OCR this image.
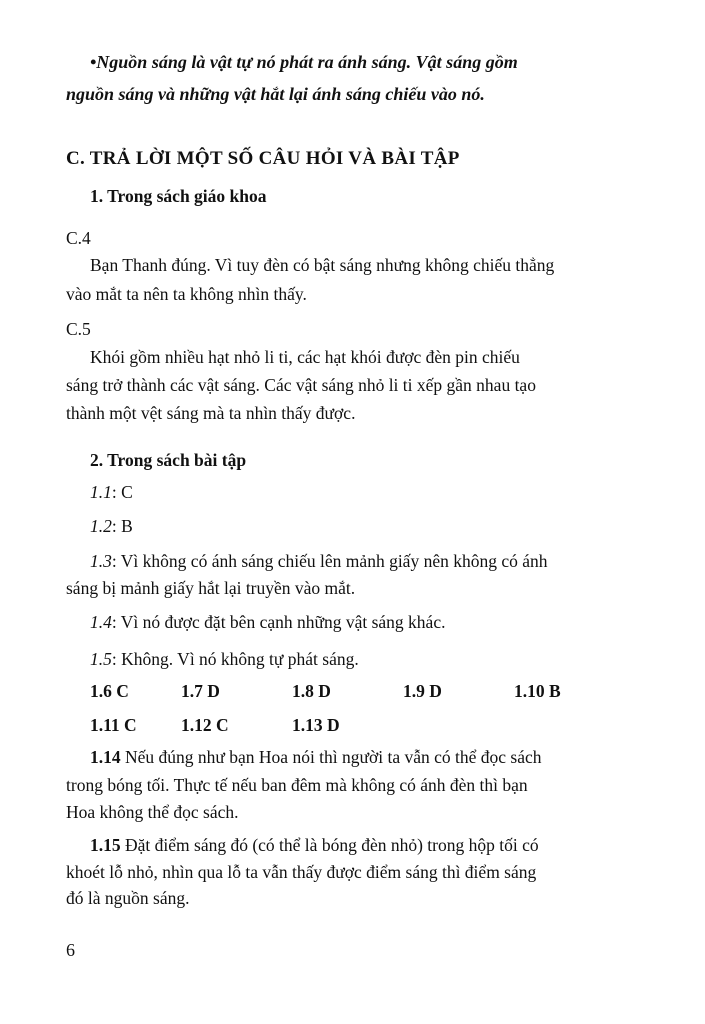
•Nguồn sáng là vật tự nó phát ra ánh sáng. Vật sáng gồm
nguồn sáng và những vật hắt lại ánh sáng chiếu vào nó.
C. TRẢ LỜI MỘT SỐ CÂU HỎI VÀ BÀI TẬP
1. Trong sách giáo khoa
C.4
Bạn Thanh đúng. Vì tuy đèn có bật sáng nhưng không chiếu thẳng
vào mắt ta nên ta không nhìn thấy.
C.5
Khói gồm nhiều hạt nhỏ li ti, các hạt khói được đèn pin chiếu
sáng trở thành các vật sáng. Các vật sáng nhỏ li ti xếp gần nhau tạo
thành một vệt sáng mà ta nhìn thấy được.
2. Trong sách bài tập
1.1: C
1.2: B
1.3: Vì không có ánh sáng chiếu lên mảnh giấy nên không có ánh
sáng bị mảnh giấy hắt lại truyền vào mắt.
1.4: Vì nó được đặt bên cạnh những vật sáng khác.
1.5: Không. Vì nó không tự phát sáng.
1.6 C	1.7 D	1.8 D	1.9 D	1.10 B
1.11 C	1.12 C	1.13 D
1.14 Nếu đúng như bạn Hoa nói thì người ta vẫn có thể đọc sách
trong bóng tối. Thực tế nếu ban đêm mà không có ánh đèn thì bạn
Hoa không thể đọc sách.
1.15 Đặt điểm sáng đó (có thể là bóng đèn nhỏ) trong hộp tối có
khoét lỗ nhỏ, nhìn qua lỗ ta vẫn thấy được điểm sáng thì điểm sáng
đó là nguồn sáng.
6
